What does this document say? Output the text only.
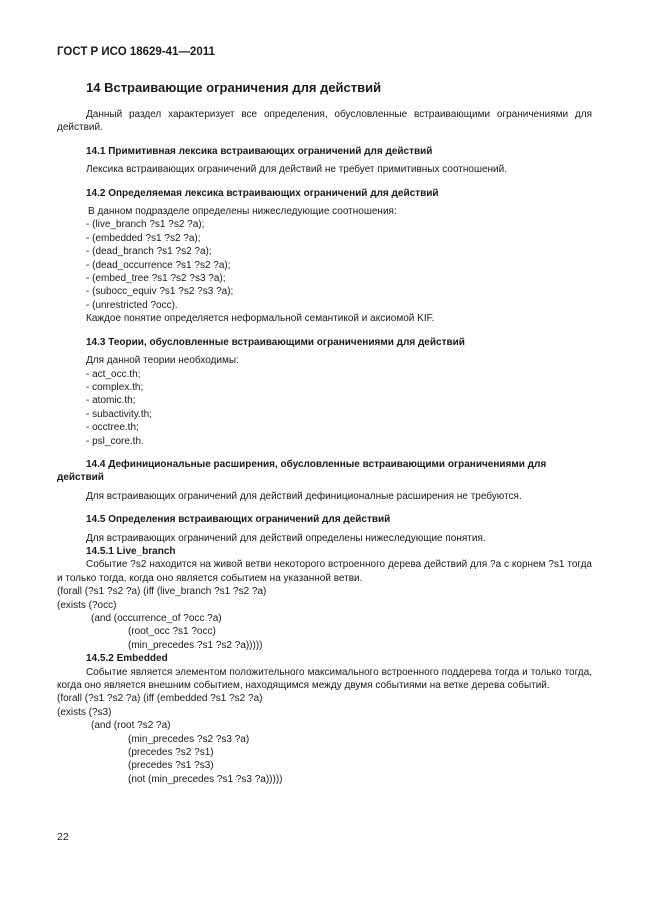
ГОСТ Р ИСО 18629-41—2011
14 Встраивающие ограничения для действий

Данный раздел характеризует все определения, обусловленные встраивающими ограничениями для действий.

14.1 Примитивная лексика встраивающих ограничений для действий

Лексика встраивающих ограничений для действий не требует примитивных соотношений.

14.2 Определяемая лексика встраивающих ограничений для действий

В данном подразделе определены нижеследующие соотношения:

- (live_branch ?s1 ?s2 ?a);
- (embedded ?s1 ?s2 ?a);
- (dead_branch ?s1 ?s2 ?a);
- (dead_occurrence ?s1 ?s2 ?a);
- (embed_tree ?s1 ?s2 ?s3 ?a);
- (subocc_equiv ?s1 ?s2 ?s3 ?a);
- (unrestricted ?occ).

Каждое понятие определяется неформальной семантикой и аксиомой KIF.

14.3 Теории, обусловленные встраивающими ограничениями для действий

Для данной теории необходимы:

- act_occ.th;
- complex.th;
- atomic.th;
- subactivity.th;
- occtree.th;
- psl_core.th.
14.4 Дефинициональные расширения, обусловленные встраивающими ограничениями для действий

Для встраивающих ограничений для действий дефиниционалные расширения не требуются.

14.5 Определения встраивающих ограничений для действий

Для встраивающих ограничений для действий определены нижеследующие понятия.

14.5.1 Live_branch

Событие ?s2 находится на живой ветви некоторого встроенного дерева действий для ?a с корнем ?s1 тогда и только тогда, когда оно является событием на указанной ветви.

(forall (?s1 ?s2 ?a) (iff (live_branch ?s1 ?s2 ?a)
(exists (?occ)
(and (occurrence_of ?occ ?a)
(root_occ ?s1 ?occ)
(min_precedes ?s1 ?s2 ?a)))))
14.5.2 Embedded

Событие является элементом положительного максимального встроенного поддерева тогда и только тогда, когда оно является внешним событием, находящимся между двумя событиями на ветке дерева событий.

(forall (?s1 ?s2 ?a) (iff (embedded ?s1 ?s2 ?a)
(exists (?s3)
(and (root ?s2 ?a)
(min_precedes ?s2 ?s3 ?a)
(precedes ?s2 ?s1)
(precedes ?s1 ?s3)
(not (min_precedes ?s1 ?s3 ?a)))))
22
